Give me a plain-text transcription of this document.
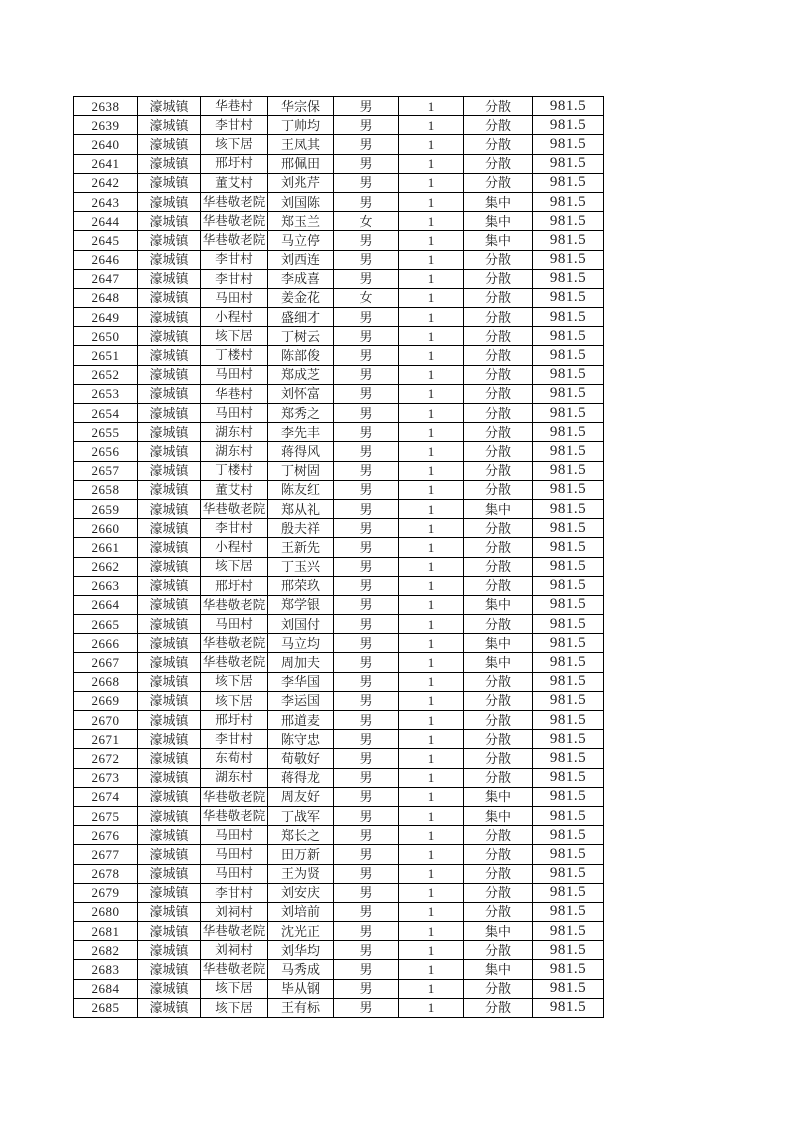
2638	濠城镇	华巷村	华宗保	男	1	分散	981.5
2639	濠城镇	李甘村	丁帅均	男	1	分散	981.5
2640	濠城镇	垓下居	王凤其	男	1	分散	981.5
2641	濠城镇	邢圩村	邢佩田	男	1	分散	981.5
2642	濠城镇	董艾村	刘兆芹	男	1	分散	981.5
2643	濠城镇	华巷敬老院	刘国陈	男	1	集中	981.5
2644	濠城镇	华巷敬老院	郑玉兰	女	1	集中	981.5
2645	濠城镇	华巷敬老院	马立停	男	1	集中	981.5
2646	濠城镇	李甘村	刘西连	男	1	分散	981.5
2647	濠城镇	李甘村	李成喜	男	1	分散	981.5
2648	濠城镇	马田村	姜金花	女	1	分散	981.5
2649	濠城镇	小程村	盛细才	男	1	分散	981.5
2650	濠城镇	垓下居	丁树云	男	1	分散	981.5
2651	濠城镇	丁楼村	陈部俊	男	1	分散	981.5
2652	濠城镇	马田村	郑成芝	男	1	分散	981.5
2653	濠城镇	华巷村	刘怀富	男	1	分散	981.5
2654	濠城镇	马田村	郑秀之	男	1	分散	981.5
2655	濠城镇	湖东村	李先丰	男	1	分散	981.5
2656	濠城镇	湖东村	蒋得风	男	1	分散	981.5
2657	濠城镇	丁楼村	丁树固	男	1	分散	981.5
2658	濠城镇	董艾村	陈友红	男	1	分散	981.5
2659	濠城镇	华巷敬老院	郑从礼	男	1	集中	981.5
2660	濠城镇	李甘村	殷夫祥	男	1	分散	981.5
2661	濠城镇	小程村	王新先	男	1	分散	981.5
2662	濠城镇	垓下居	丁玉兴	男	1	分散	981.5
2663	濠城镇	邢圩村	邢荣玖	男	1	分散	981.5
2664	濠城镇	华巷敬老院	郑学银	男	1	集中	981.5
2665	濠城镇	马田村	刘国付	男	1	分散	981.5
2666	濠城镇	华巷敬老院	马立均	男	1	集中	981.5
2667	濠城镇	华巷敬老院	周加夫	男	1	集中	981.5
2668	濠城镇	垓下居	李华国	男	1	分散	981.5
2669	濠城镇	垓下居	李运国	男	1	分散	981.5
2670	濠城镇	邢圩村	邢道麦	男	1	分散	981.5
2671	濠城镇	李甘村	陈守忠	男	1	分散	981.5
2672	濠城镇	东荀村	荀敬好	男	1	分散	981.5
2673	濠城镇	湖东村	蒋得龙	男	1	分散	981.5
2674	濠城镇	华巷敬老院	周友好	男	1	集中	981.5
2675	濠城镇	华巷敬老院	丁战军	男	1	集中	981.5
2676	濠城镇	马田村	郑长之	男	1	分散	981.5
2677	濠城镇	马田村	田万新	男	1	分散	981.5
2678	濠城镇	马田村	王为贤	男	1	分散	981.5
2679	濠城镇	李甘村	刘安庆	男	1	分散	981.5
2680	濠城镇	刘祠村	刘培前	男	1	分散	981.5
2681	濠城镇	华巷敬老院	沈光正	男	1	集中	981.5
2682	濠城镇	刘祠村	刘华均	男	1	分散	981.5
2683	濠城镇	华巷敬老院	马秀成	男	1	集中	981.5
2684	濠城镇	垓下居	毕从钢	男	1	分散	981.5
2685	濠城镇	垓下居	王有标	男	1	分散	981.5
